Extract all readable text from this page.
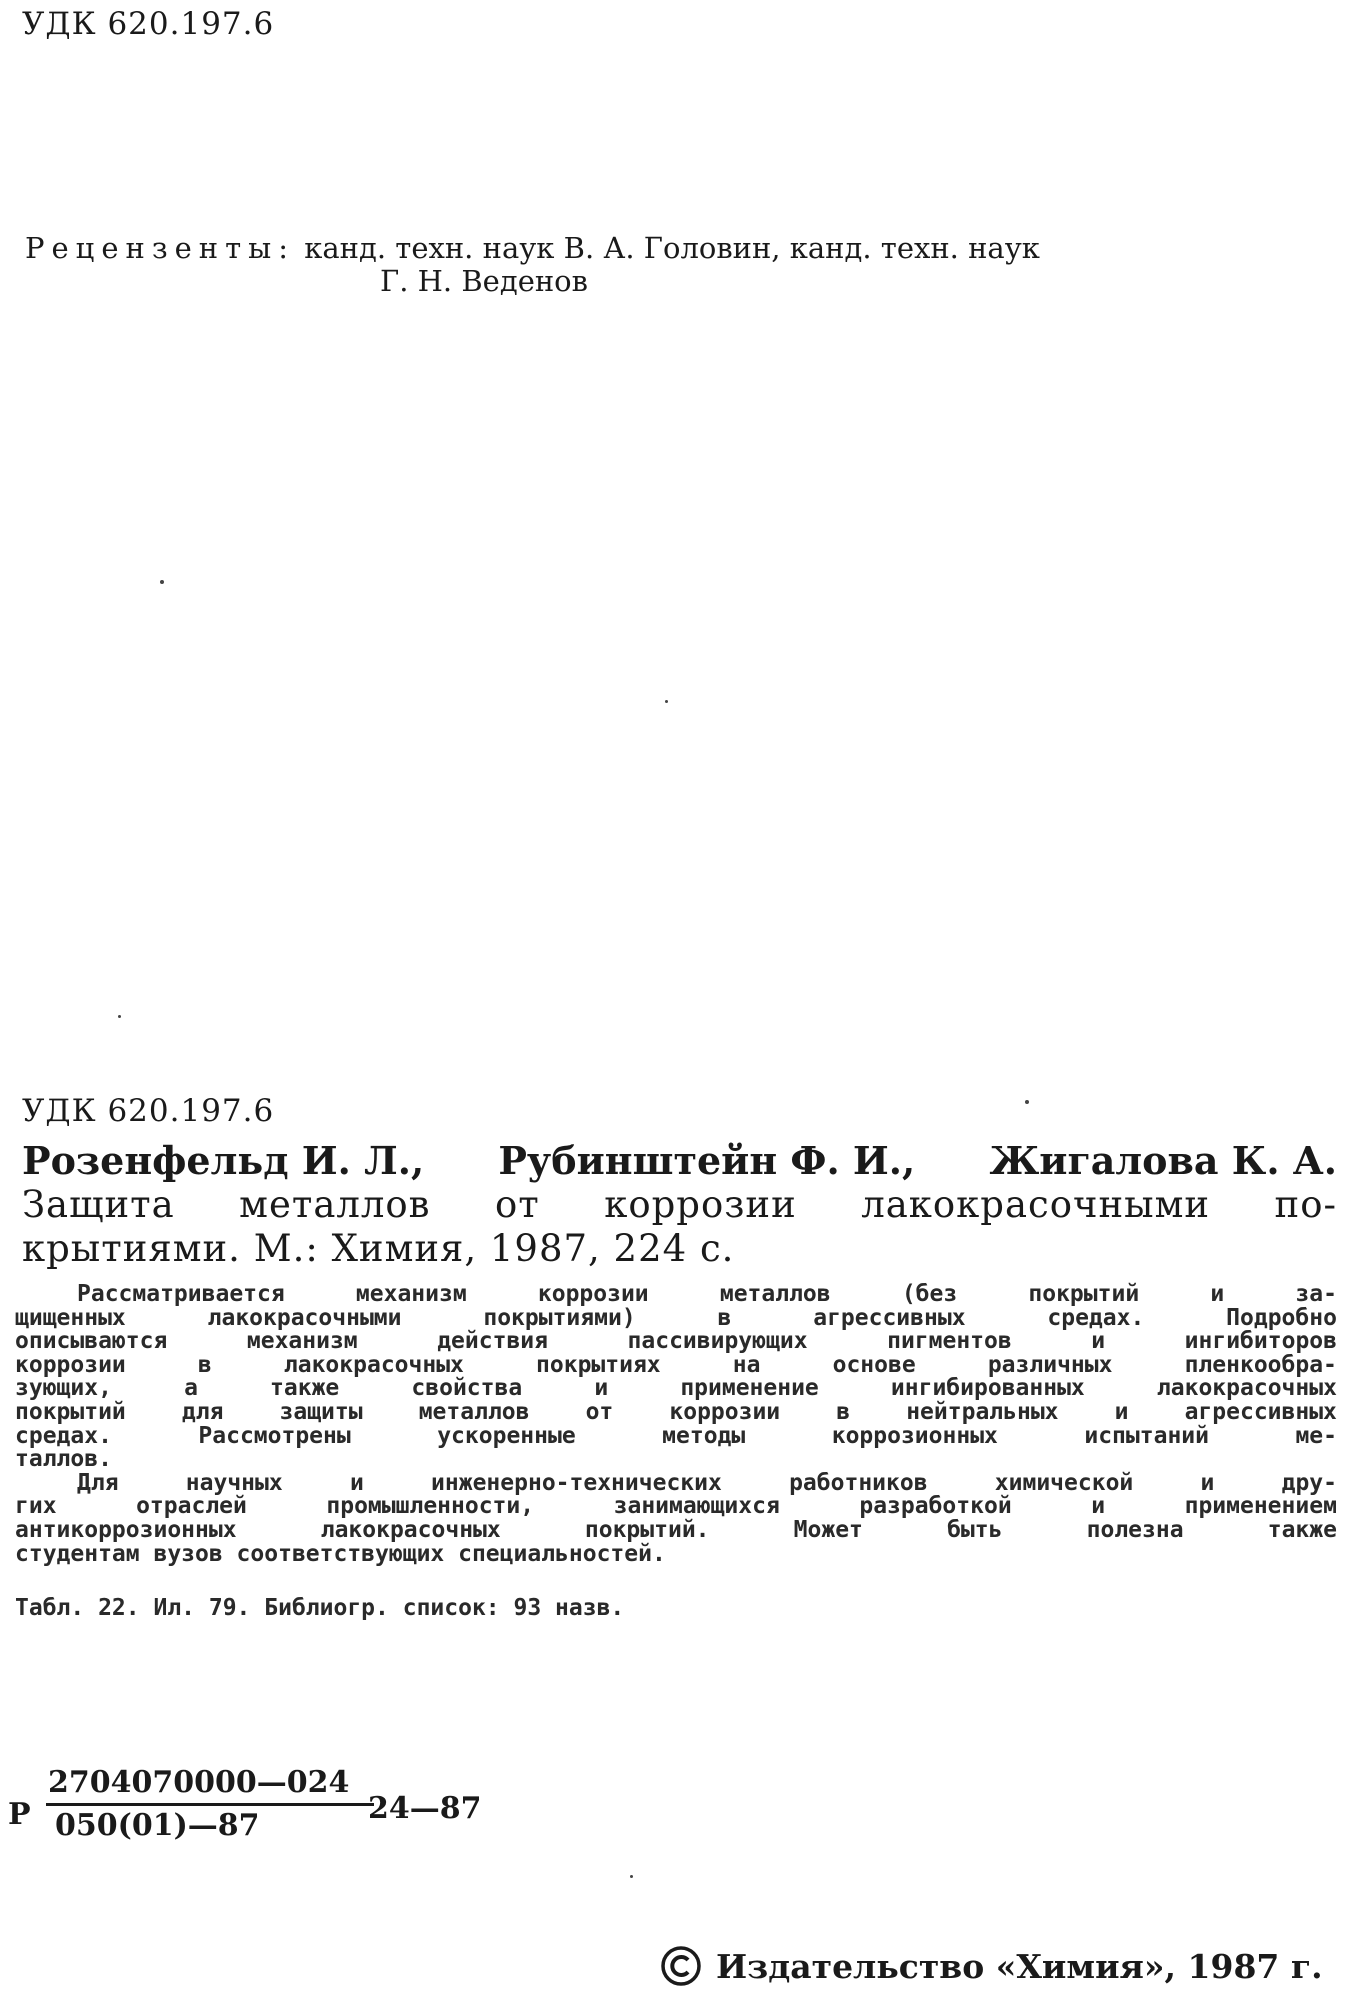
УДК 620.197.6
Рецензенты: канд. техн. наук В. А. Головин, канд. техн. наук
Г. Н. Веденов
УДК 620.197.6
Розенфельд И. Л., Рубинштейн Ф. И., Жигалова К. А.
Защита металлов от коррозии лакокрасочными по-
крытиями. М.: Химия, 1987, 224 с.
Рассматривается	механизм	коррозии	металлов	(без	покрытий	и	за-
щищенных	лакокрасочными	покрытиями)	в	агрессивных	средах.	Подробно
описываются	механизм	действия	пассивирующих	пигментов	и	ингибиторов
коррозии	в	лакокрасочных	покрытиях	на	основе	различных	пленкообра-
зующих,	а	также	свойства	и	применение	ингибированных	лакокрасочных
покрытий для защиты металлов от коррозии в нейтральных и агрессивных
средах.	Рассмотрены	ускоренные	методы	коррозионных	испытаний	ме-
таллов.
Для	научных	и	инженерно-технических	работников	химической	и	дру-
гих	отраслей	промышленности,	занимающихся	разработкой	и	применением
антикоррозионных	лакокрасочных	покрытий.	Может	быть	полезна	также
студентам вузов соответствующих специальностей.
Табл. 22. Ил. 79. Библиогр. список: 93 назв.
Р
2704070000—024
050(01)—87	24—87
Издательство «Химия», 1987 г.
